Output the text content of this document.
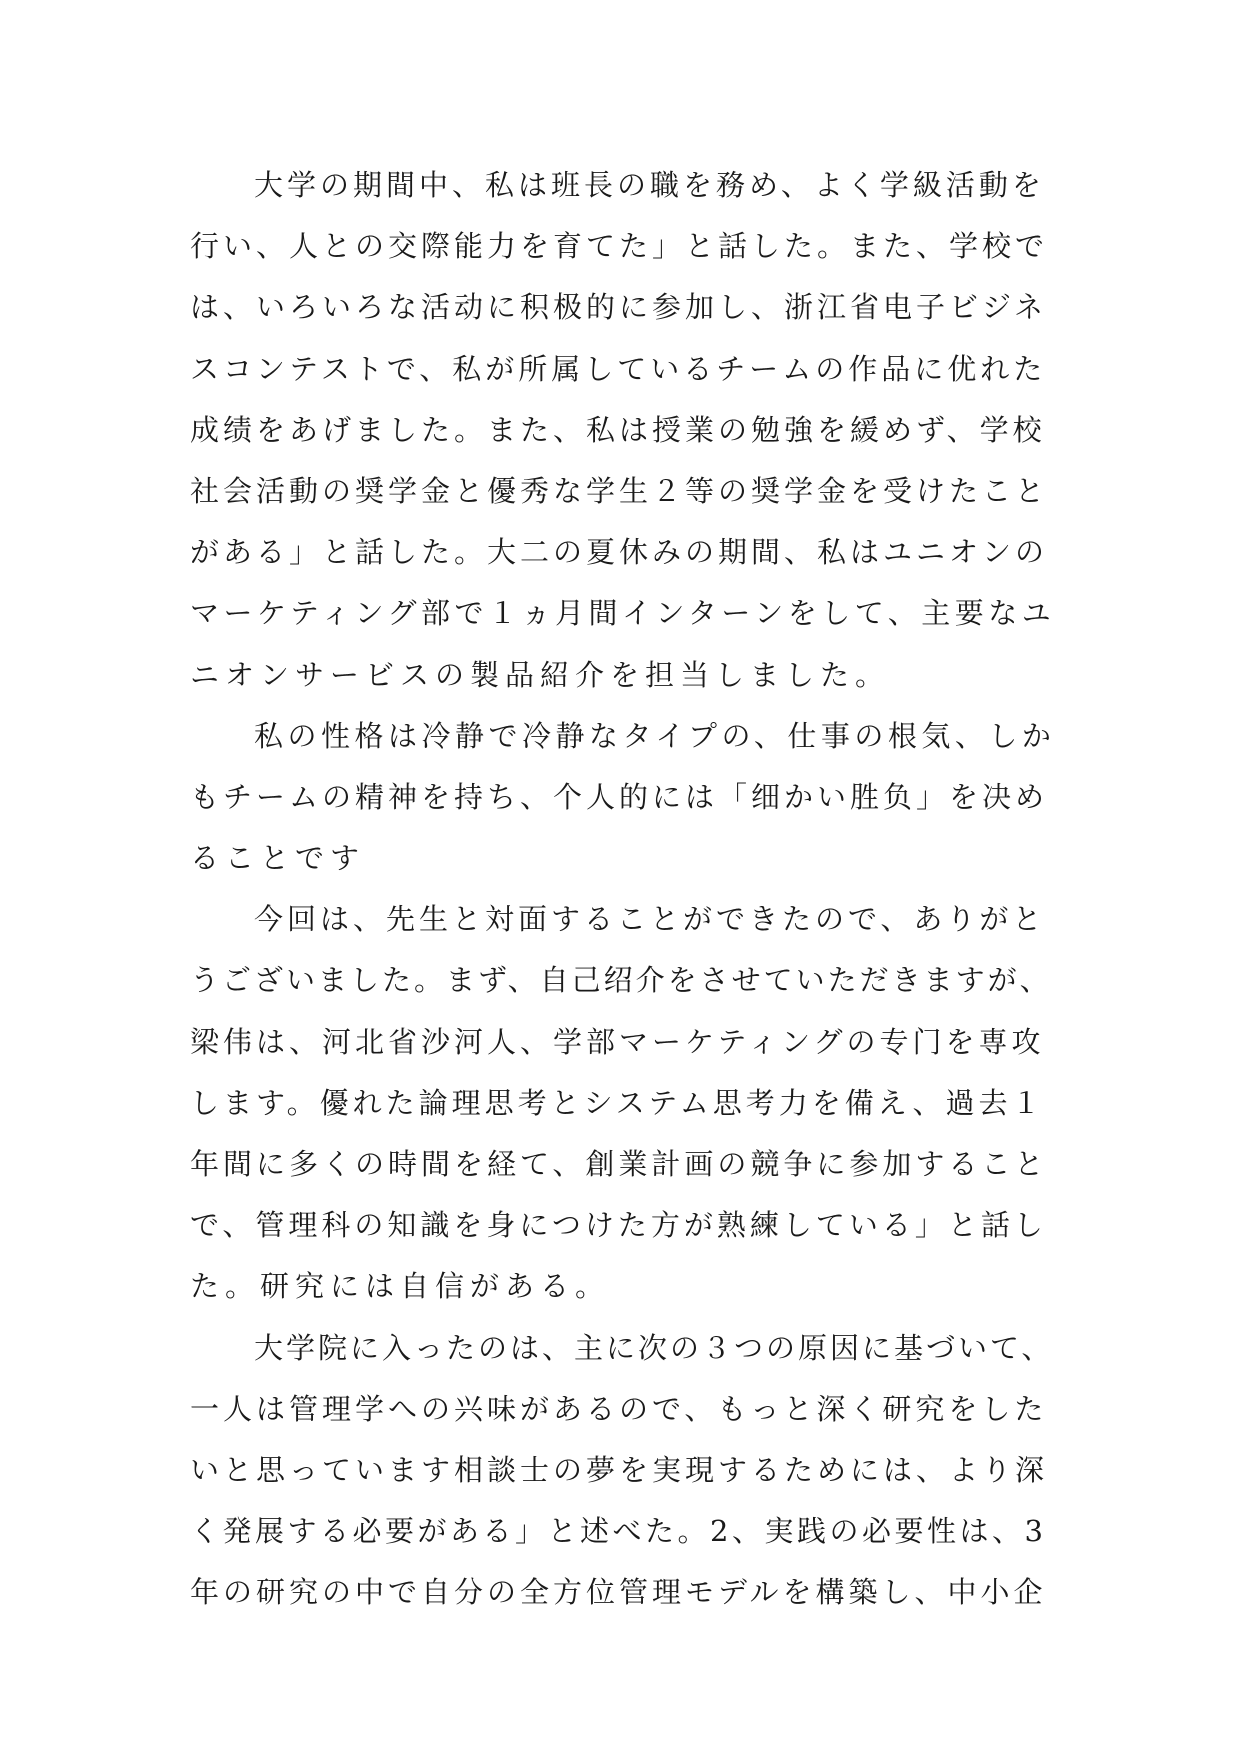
大学の期間中、私は班長の職を務め、よく学級活動を
行い、人との交際能力を育てた」と話した。また、学校で
は、いろいろな活动に积极的に参加し、浙江省电子ビジネ
スコンテストで、私が所属しているチームの作品に优れた
成绩をあげました。また、私は授業の勉強を緩めず、学校
社会活動の奨学金と優秀な学生２等の奨学金を受けたこと
がある」と話した。大二の夏休みの期間、私はユニオンの
マーケティング部で１ヵ月間インターンをして、主要なユ
ニオンサービスの製品紹介を担当しました。
私の性格は冷静で冷静なタイプの、仕事の根気、しか
もチームの精神を持ち、个人的には「细かい胜负」を决め
ることです
今回は、先生と対面することができたので、ありがと
うございました。まず、自己绍介をさせていただきますが、
梁伟は、河北省沙河人、学部マーケティングの专门を専攻
します。優れた論理思考とシステム思考力を備え、過去１
年間に多くの時間を経て、創業計画の競争に参加すること
で、管理科の知識を身につけた方が熟練している」と話し
た。研究には自信がある。
大学院に入ったのは、主に次の３つの原因に基づいて、
一人は管理学への兴味があるので、もっと深く研究をした
いと思っています相談士の夢を実現するためには、より深
く発展する必要がある」と述べた。2、実践の必要性は、3
年の研究の中で自分の全方位管理モデルを構築し、中小企
